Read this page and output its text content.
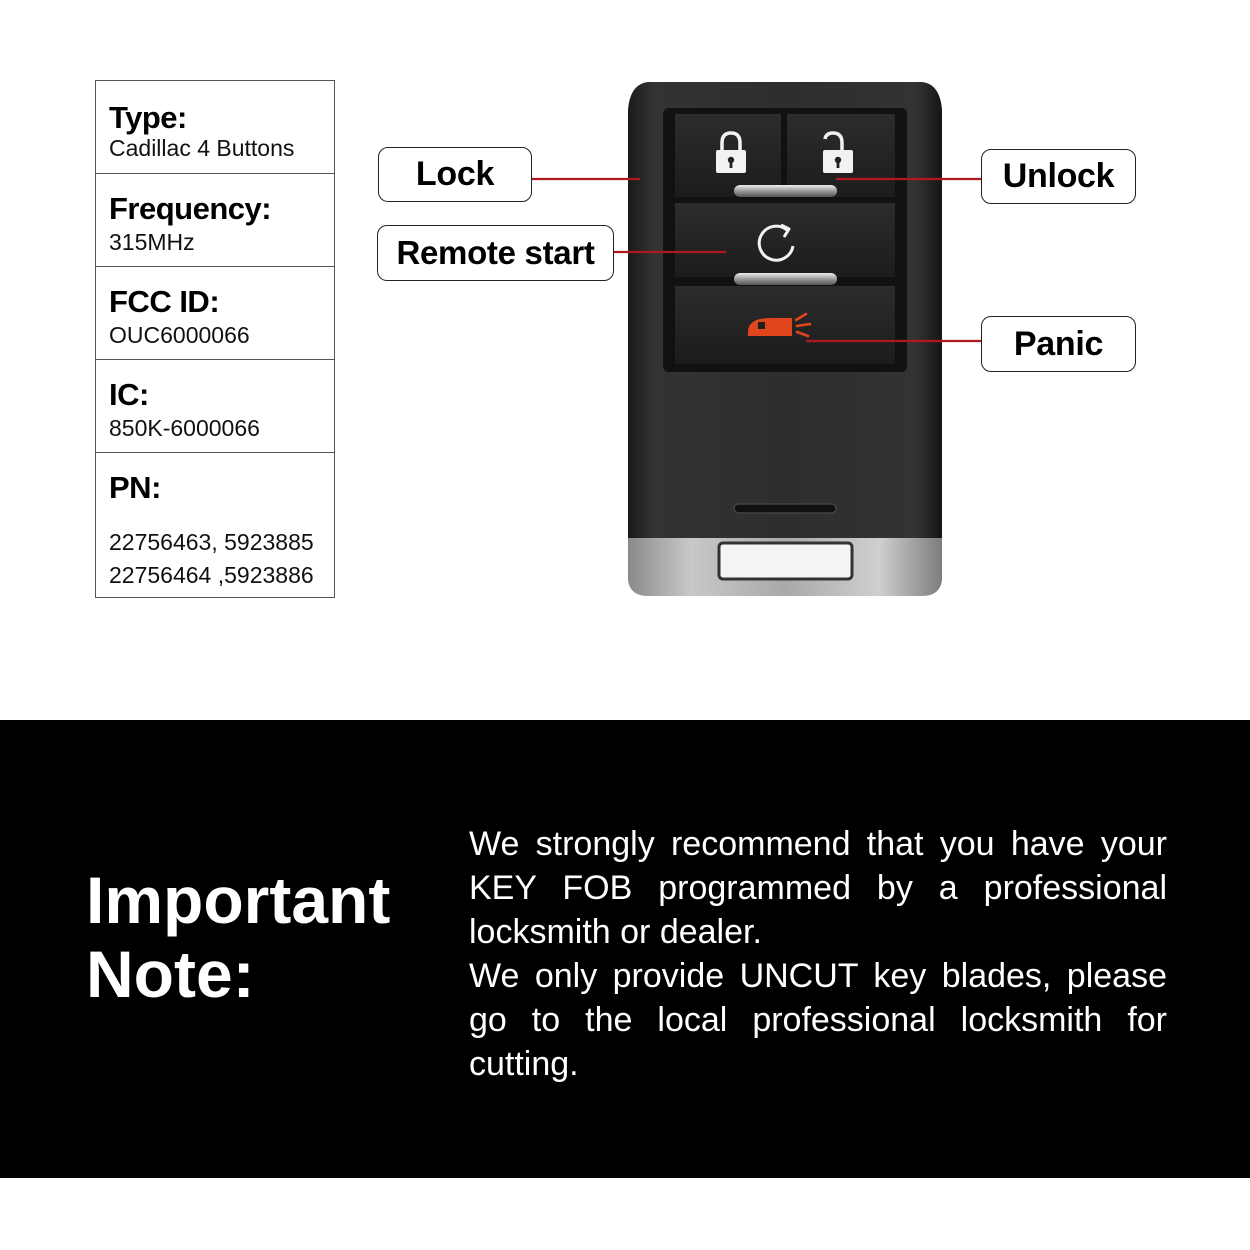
Type:
Cadillac 4 Buttons
Frequency:
315MHz
FCC ID:
OUC6000066
IC:
850K-6000066
PN:
22756463, 5923885
22756464 ,5923886
Lock
Remote start
Unlock
Panic
Important
Note:

We strongly recommend that you have your KEY FOB programmed by a professional locksmith or dealer.

We only provide UNCUT key blades, please go to the local professional locksmith for cutting.
